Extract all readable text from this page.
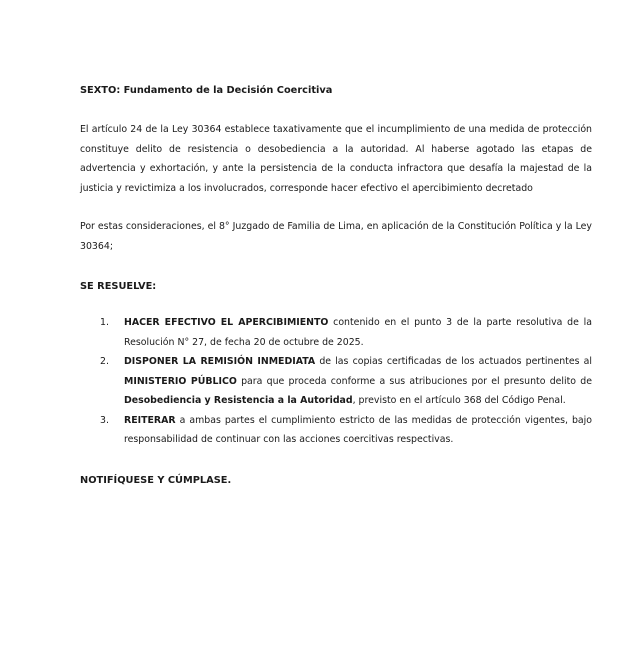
SEXTO: Fundamento de la Decisión Coercitiva

El artículo 24 de la Ley 30364 establece taxativamente que el incumplimiento de una medida de protección constituye delito de resistencia o desobediencia a la autoridad. Al haberse agotado las etapas de advertencia y exhortación, y ante la persistencia de la conducta infractora que desafía la majestad de la justicia y revictimiza a los involucrados, corresponde hacer efectivo el apercibimiento decretado

Por estas consideraciones, el 8° Juzgado de Familia de Lima, en aplicación de la Constitución Política y la Ley 30364;

SE RESUELVE:

1. HACER EFECTIVO EL APERCIBIMIENTO contenido en el punto 3 de la parte resolutiva de la Resolución N° 27, de fecha 20 de octubre de 2025.
2. DISPONER LA REMISIÓN INMEDIATA de las copias certificadas de los actuados pertinentes al MINISTERIO PÚBLICO para que proceda conforme a sus atribuciones por el presunto delito de Desobediencia y Resistencia a la Autoridad, previsto en el artículo 368 del Código Penal.
3. REITERAR a ambas partes el cumplimiento estricto de las medidas de protección vigentes, bajo responsabilidad de continuar con las acciones coercitivas respectivas.

NOTIFÍQUESE Y CÚMPLASE.
